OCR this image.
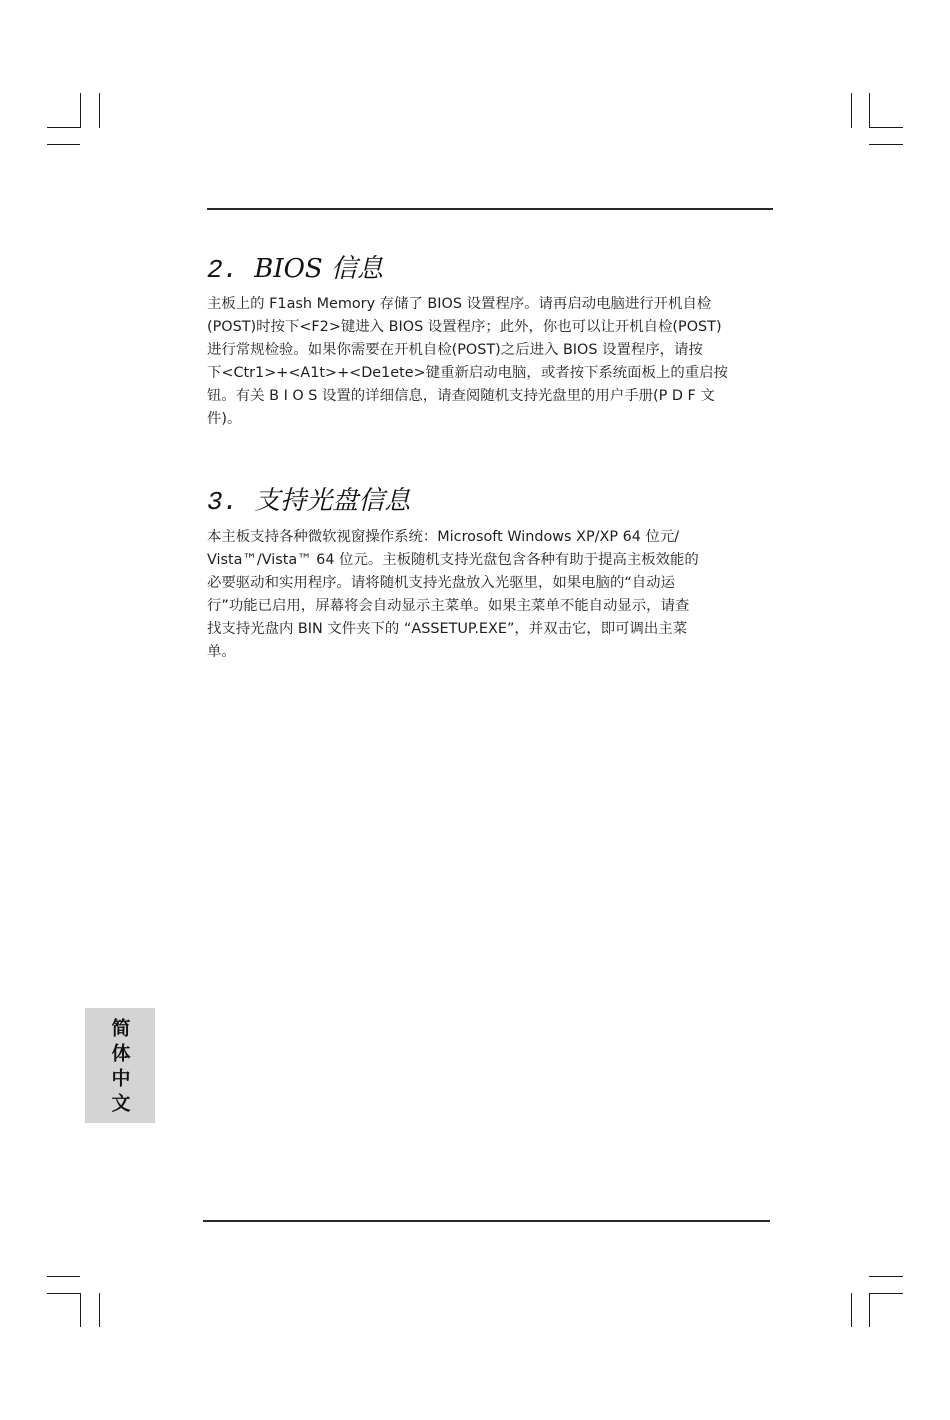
2. BIOS 信息
主板上的 F1ash Memory 存储了 BIOS 设置程序。请再启动电脑进行开机自检
(POST)时按下<F2>键进入 BIOS 设置程序；此外，你也可以让开机自检(POST)
进行常规检验。如果你需要在开机自检(POST)之后进入 BIOS 设置程序，请按
下<Ctr1>+<A1t>+<De1ete>键重新启动电脑，或者按下系统面板上的重启按
钮。有关 B I O S 设置的详细信息，请查阅随机支持光盘里的用户手册(P D F 文
件)。
3. 支持光盘信息
本主板支持各种微软视窗操作系统：Microsoft Windows XP/XP 64 位元/
Vista™/Vista™ 64 位元。主板随机支持光盘包含各种有助于提高主板效能的
必要驱动和实用程序。请将随机支持光盘放入光驱里，如果电脑的“自动运
行”功能已启用，屏幕将会自动显示主菜单。如果主菜单不能自动显示，请查
找支持光盘内 BIN 文件夹下的 “ASSETUP.EXE”，并双击它，即可调出主菜
单。
简体中文
